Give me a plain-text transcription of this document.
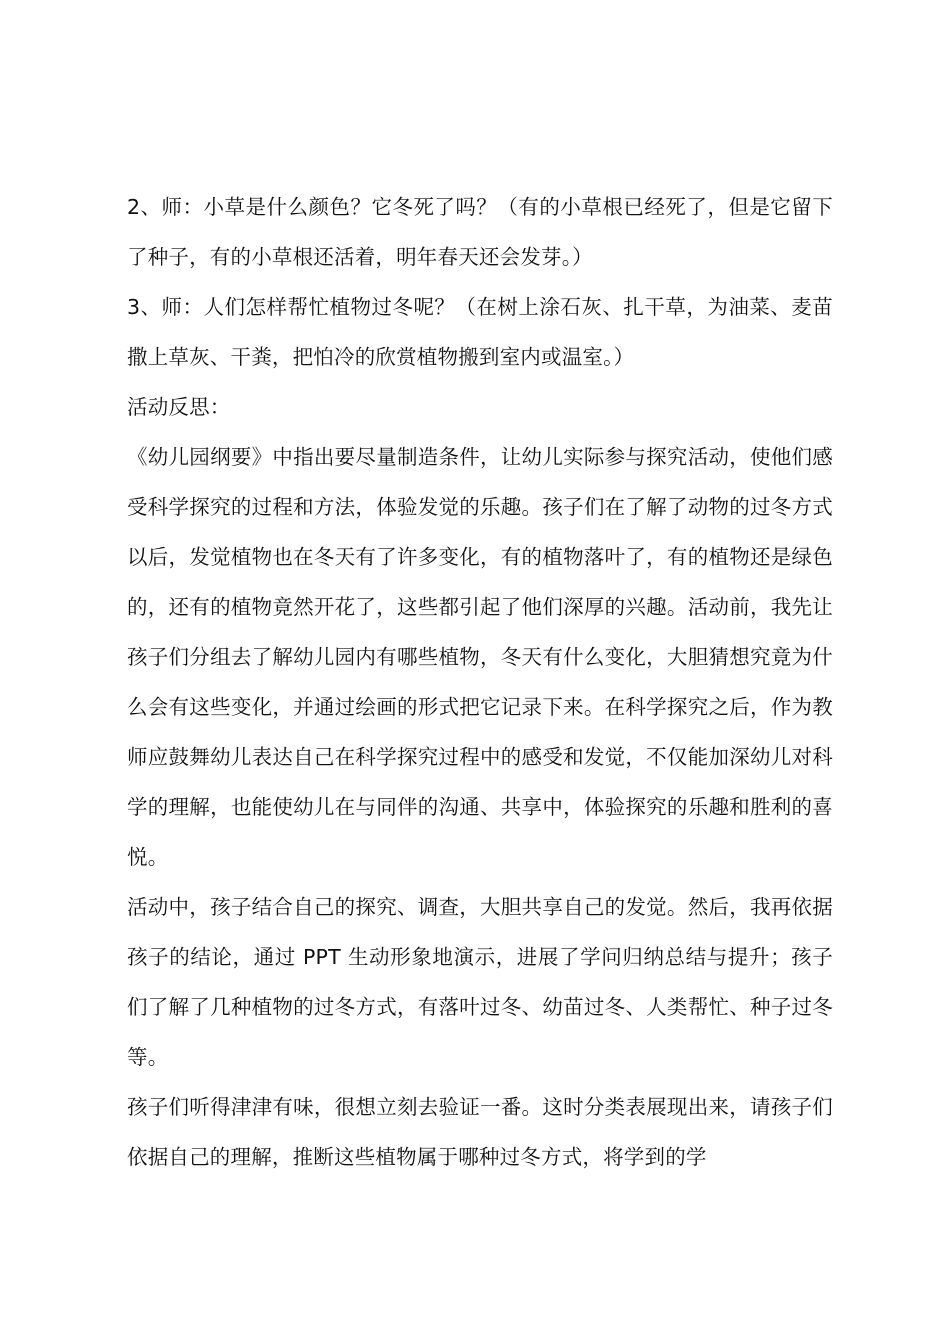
2、师：小草是什么颜色？它冬死了吗？（有的小草根已经死了，但是它留下了种子，有的小草根还活着，明年春天还会发芽。）

3、师：人们怎样帮忙植物过冬呢？（在树上涂石灰、扎干草，为油菜、麦苗撒上草灰、干粪，把怕冷的欣赏植物搬到室内或温室。）

活动反思：

《幼儿园纲要》中指出要尽量制造条件，让幼儿实际参与探究活动，使他们感受科学探究的过程和方法，体验发觉的乐趣。孩子们在了解了动物的过冬方式以后，发觉植物也在冬天有了许多变化，有的植物落叶了，有的植物还是绿色的，还有的植物竟然开花了，这些都引起了他们深厚的兴趣。活动前，我先让孩子们分组去了解幼儿园内有哪些植物，冬天有什么变化，大胆猜想究竟为什么会有这些变化，并通过绘画的形式把它记录下来。在科学探究之后，作为教师应鼓舞幼儿表达自己在科学探究过程中的感受和发觉，不仅能加深幼儿对科学的理解，也能使幼儿在与同伴的沟通、共享中，体验探究的乐趣和胜利的喜悦。

活动中，孩子结合自己的探究、调查，大胆共享自己的发觉。然后，我再依据孩子的结论，通过 PPT 生动形象地演示，进展了学问归纳总结与提升；孩子们了解了几种植物的过冬方式，有落叶过冬、幼苗过冬、人类帮忙、种子过冬等。

孩子们听得津津有味，很想立刻去验证一番。这时分类表展现出来，请孩子们依据自己的理解，推断这些植物属于哪种过冬方式，将学到的学
